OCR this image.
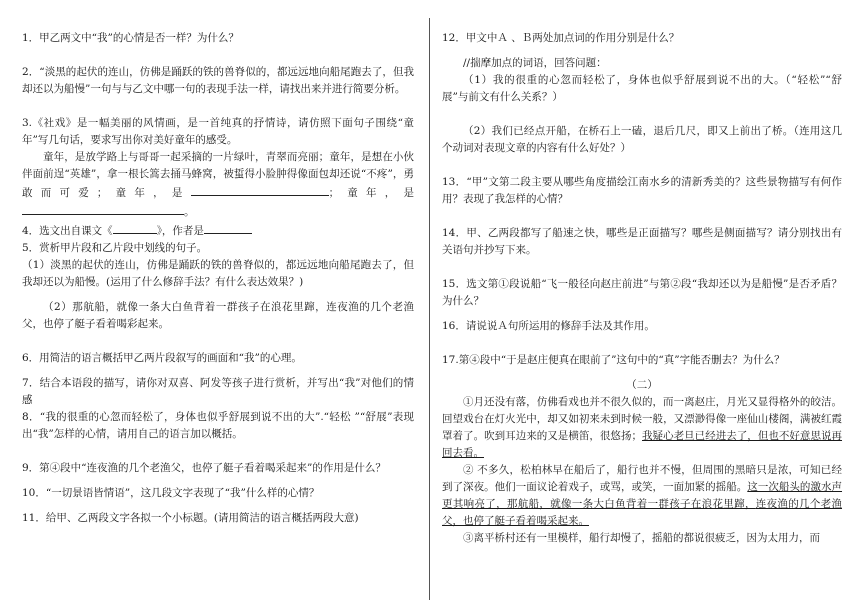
1．甲乙两文中“我”的心情是否一样？为什么？

2．“淡黑的起伏的连山，仿佛是踊跃的铁的兽脊似的，都远远地向船尾跑去了，但我却还以为船慢”一句与与乙文中哪一句的表现手法一样，请找出来并进行简要分析。

3.《社戏》是一幅美丽的风情画，是一首纯真的抒情诗，请仿照下面句子围绕“童年”写几句话，要求写出你对美好童年的感受。

童年，是放学路上与哥哥一起采摘的一片绿叶，青翠而亮丽；童年，是想在小伙伴面前逞“英雄”，拿一根长篙去捅马蜂窝，被蜇得小脸肿得像面包却还说“不疼”，勇敢而可爱；童年，是	；童年，是。

4．选文出自课文《	》，作者是

5．赏析甲片段和乙片段中划线的句子。

（1）淡黑的起伏的连山，仿佛是踊跃的铁的兽脊似的，都远远地向船尾跑去了，但我却还以为船慢。(运用了什么修辞手法？有什么表达效果？)

（2）那航船，就像一条大白鱼背着一群孩子在浪花里蹿，连夜渔的几个老渔父，也停了艇子看着喝彩起来。

6．用简洁的语言概括甲乙两片段叙写的画面和“我”的心理。

7．结合本语段的描写，请你对双喜、阿发等孩子进行赏析，并写出“我”对他们的情感

8．“我的很重的心忽而轻松了，身体也似乎舒展到说不出的大”.“轻松 ”“舒展”表现出“我”怎样的心情，请用自己的语言加以概括。

9．第④段中“连夜渔的几个老渔父，也停了艇子看着喝采起来”的作用是什么？

10．“一切景语皆情语”，这几段文字表现了“我”什么样的心情？

11．给甲、乙两段文字各拟一个小标题。(请用简洁的语言概括两段大意)

12．甲文中Ａ 、Ｂ两处加点词的作用分别是什么？

//揣摩加点的词语，回答问题：

（1）我的很重的心忽而轻松了，身体也似乎舒展到说不出的大。（“轻松”“舒展”与前文有什么关系？）

（2）我们已经点开船，在桥石上一磕，退后几尺，即又上前出了桥。（连用这几个动词对表现文章的内容有什么好处？）

13．“甲”文第二段主要从哪些角度描绘江南水乡的清新秀美的？这些景物描写有何作用？表现了我怎样的心情？

14．甲、乙两段都写了船速之快，哪些是正面描写？哪些是侧面描写？请分别找出有关语句并抄写下来。

15．选文第①段说船“飞一般径向赵庄前进”与第②段“我却还以为是船慢”是否矛盾？为什么？

16．请说说Ａ句所运用的修辞手法及其作用。

17.第④段中“于是赵庄便真在眼前了”这句中的“真”字能否删去？为什么？

（二）

①月还没有落，仿佛看戏也并不很久似的，而一离赵庄，月光又显得格外的皎洁。回望戏台在灯火光中，却又如初来未到时候一般，又漂渺得像一座仙山楼阁，满被红霞罩着了。吹到耳边来的又是横笛，很悠扬；我疑心老旦已经进去了，但也不好意思说再回去看。

② 不多久，松柏林早在船后了，船行也并不慢，但周围的黑暗只是浓，可知已经到了深夜。他们一面议论着戏子，或骂，或笑，一面加紧的摇船。这一次船头的激水声更其响亮了，那航船，就像一条大白鱼背着一群孩子在浪花里蹿，连夜渔的几个老渔父，也停了艇子看着喝采起来。

③离平桥村还有一里模样，船行却慢了，摇船的都说很疲乏，因为太用力，而
